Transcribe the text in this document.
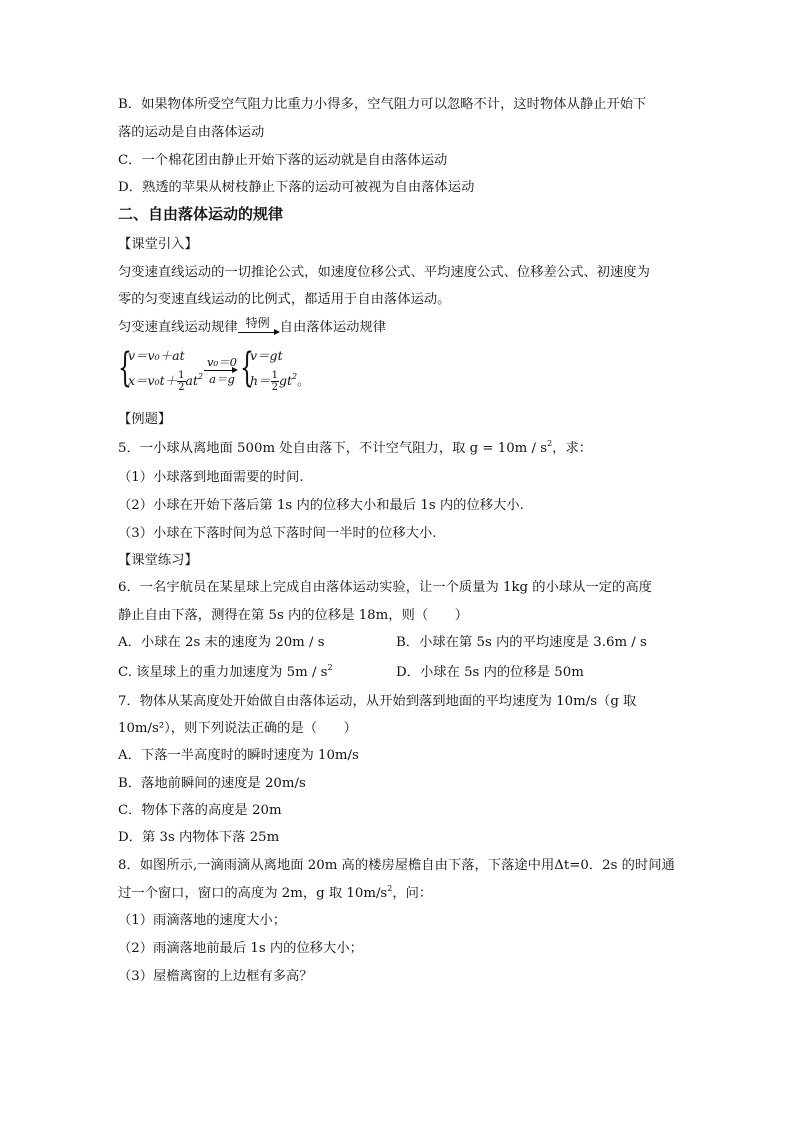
B．如果物体所受空气阻力比重力小得多，空气阻力可以忽略不计，这时物体从静止开始下
落的运动是自由落体运动
C．一个棉花团由静止开始下落的运动就是自由落体运动
D．熟透的苹果从树枝静止下落的运动可被视为自由落体运动
二、自由落体运动的规律
【课堂引入】
匀变速直线运动的一切推论公式，如速度位移公式、平均速度公式、位移差公式、初速度为
零的匀变速直线运动的比例式，都适用于自由落体运动。
匀变速直线运动规律 特例 自由落体运动规律
{
v＝v₀＋at
$x=v_0t+ \frac{1}{2} at^2$
v₀＝0
a＝g {
v＝gt
$h= \frac{1}{2} gt^2$。
【例题】
5．一小球从离地面 500m 处自由落下，不计空气阻力，取 $g = 10m / s^2$，求：
（1）小球落到地面需要的时间.
（2）小球在开始下落后第 1s 内的位移大小和最后 1s 内的位移大小.
（3）小球在下落时间为总下落时间一半时的位移大小.
【课堂练习】
6．一名宇航员在某星球上完成自由落体运动实验，让一个质量为 1kg 的小球从一定的高度
静止自由下落，测得在第 5s 内的位移是 18m，则（　　）
A．小球在 2s 末的速度为 20m / s	B．小球在第 5s 内的平均速度是 3.6m / s
C. 该星球上的重力加速度为 $5m / s^2$	D．小球在 5s 内的位移是 50m
7．物体从某高度处开始做自由落体运动，从开始到落到地面的平均速度为 10m/s（g 取
10m/s²），则下列说法正确的是（　　）
A．下落一半高度时的瞬时速度为 10m/s
B．落地前瞬间的速度是 20m/s
C．物体下落的高度是 20m
D．第 3s 内物体下落 25m
8．如图所示,一滴雨滴从离地面 20m 高的楼房屋檐自由下落，下落途中用Δt=0．2s 的时间通
过一个窗口，窗口的高度为 2m，g 取 $10m/s^2$，问：
（1）雨滴落地的速度大小；
（2）雨滴落地前最后 1s 内的位移大小；
（3）屋檐离窗的上边框有多高？
